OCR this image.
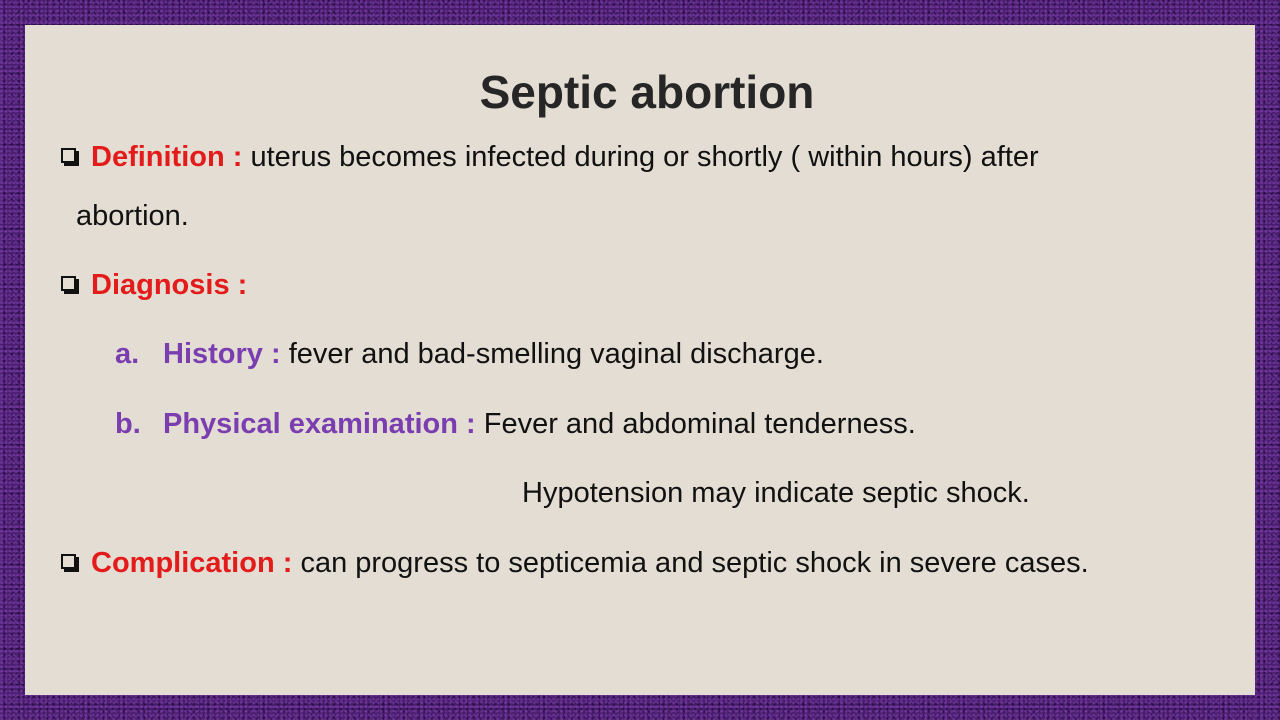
Septic abortion
Definition : uterus becomes infected during or shortly ( within hours) after
abortion.
Diagnosis :
a. History : fever and bad-smelling vaginal discharge.
b. Physical examination : Fever and abdominal tenderness.
Hypotension may indicate septic shock.
Complication : can progress to septicemia and septic shock in severe cases.
